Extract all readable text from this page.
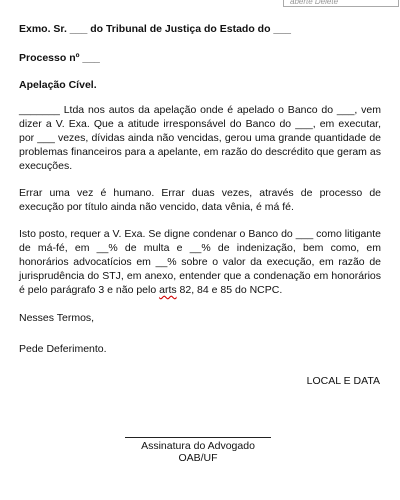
aberte Delete

Exmo. Sr. ___ do Tribunal de Justiça do Estado do ___

Processo nº ___

Apelação Cível.

_______ Ltda nos autos da apelação onde é apelado o Banco do ___, vem dizer a V. Exa. Que a atitude irresponsável do Banco do ___, em executar, por ___ vezes, dívidas ainda não vencidas, gerou uma grande quantidade de problemas financeiros para a apelante, em razão do descrédito que geram as execuções.

Errar uma vez é humano. Errar duas vezes, através de processo de execução por título ainda não vencido, data vênia, é má fé.

Isto posto, requer a V. Exa. Se digne condenar o Banco do ___ como litigante de má-fé, em __% de multa e __% de indenização, bem como, em honorários advocatícios em __% sobre o valor da execução, em razão de jurisprudência do STJ, em anexo, entender que a condenação em honorários é pelo parágrafo 3 e não pelo arts 82, 84 e 85 do NCPC.

Nesses Termos,

Pede Deferimento.

LOCAL E DATA
Assinatura do Advogado
OAB/UF
